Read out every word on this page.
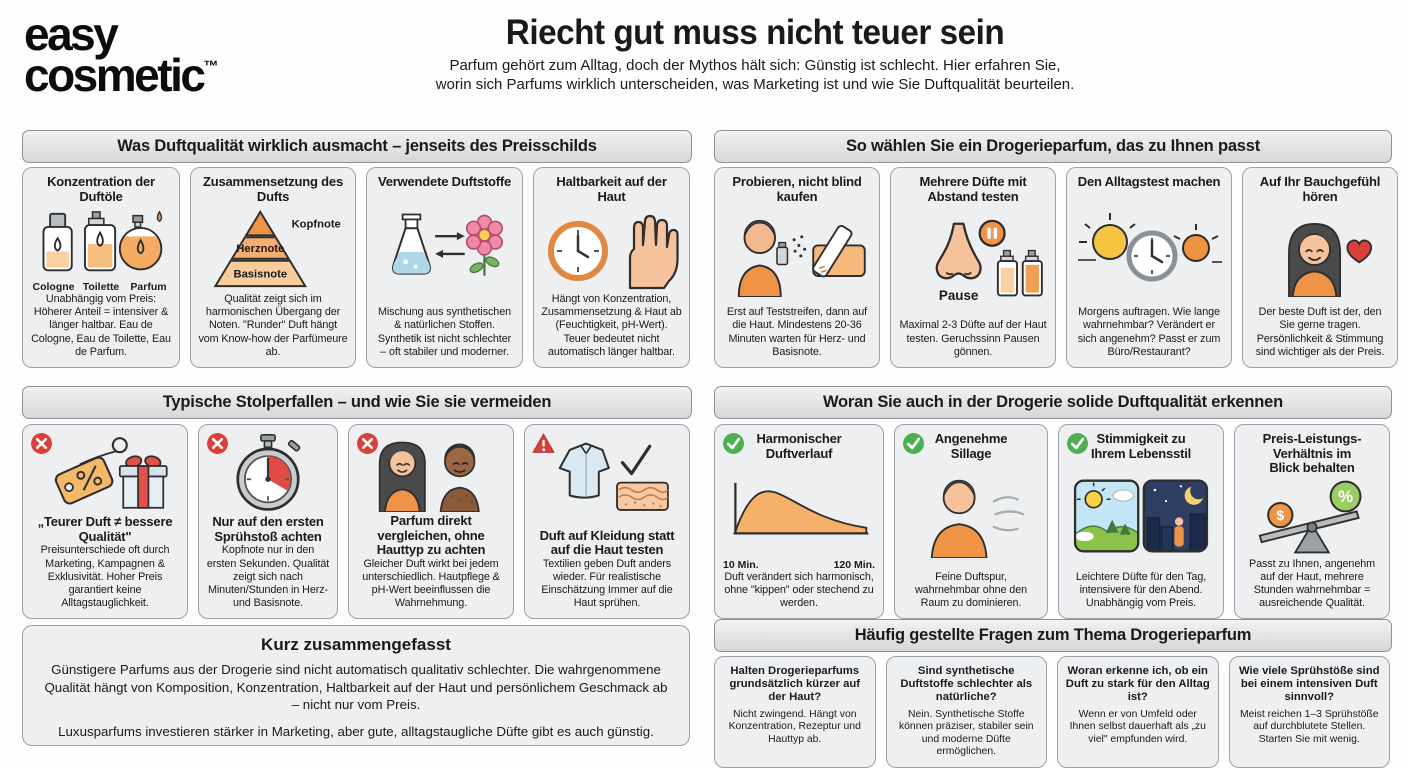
easy
cosmetic™
Riecht gut muss nicht teuer sein
Parfum gehört zum Alltag, doch der Mythos hält sich: Günstig ist schlecht. Hier erfahren Sie,
worin sich Parfums wirklich unterscheiden, was Marketing ist und wie Sie Duftqualität beurteilen.
Was Duftqualität wirklich ausmacht – jenseits des Preisschilds	So wählen Sie ein Drogerieparfum, das zu Ihnen passt
Typische Stolperfallen – und wie Sie sie vermeiden	Woran Sie auch in der Drogerie solide Duftqualität erkennen
Häufig gestellte Fragen zum Thema Drogerieparfum
Konzentration der Duftöle
Cologne Toilette	Parfum
Unabhängig vom Preis: Höherer Anteil = intensiver & länger haltbar. Eau de Cologne, Eau de Toilette, Eau de Parfum.
Zusammensetzung des Dufts
Kopfnote
Herznote
Basisnote
Qualität zeigt sich im harmonischen Übergang der Noten. "Runder" Duft hängt vom Know-how der Parfümeure ab.
Verwendete Duftstoffe
Mischung aus synthetischen & natürlichen Stoffen. Synthetik ist nicht schlechter – oft stabiler und moderner.
Haltbarkeit auf der Haut
Hängt von Konzentration, Zusammensetzung & Haut ab (Feuchtigkeit, pH-Wert). Teuer bedeutet nicht automatisch länger haltbar.
Probieren, nicht blind kaufen
Erst auf Teststreifen, dann auf die Haut. Mindestens 20-36 Minuten warten für Herz- und Basisnote.
Mehrere Düfte mit Abstand testen
Pause
Maximal 2-3 Düfte auf der Haut testen. Geruchssinn Pausen gönnen.
Den Alltagstest machen
Morgens auftragen. Wie lange wahrnehmbar? Verändert er sich angenehm? Passt er zum Büro/Restaurant?
Auf Ihr Bauchgefühl hören
Der beste Duft ist der, den Sie gerne tragen. Persönlichkeit & Stimmung sind wichtiger als der Preis.
„Teurer Duft ≠ bessere Qualität"
Preisunterschiede oft durch Marketing, Kampagnen & Exklusivität. Hoher Preis garantiert keine Alltagstauglichkeit.
Nur auf den ersten Sprühstoß achten
Kopfnote nur in den ersten Sekunden. Qualität zeigt sich nach Minuten/Stunden in Herz- und Basisnote.
Parfum direkt vergleichen, ohne Hauttyp zu achten
Gleicher Duft wirkt bei jedem unterschiedlich. Hautpflege & pH-Wert beeinflussen die Wahrnehmung.
Duft auf Kleidung statt auf die Haut testen
Textilien geben Duft anders wieder. Für realistische Einschätzung Immer auf die Haut sprühen.
Harmonischer Duftverlauf
10 Min.	120 Min.
Duft verändert sich harmonisch, ohne "kippen" oder stechend zu werden.
Angenehme Sillage
Feine Duftspur, wahrnehmbar ohne den Raum zu dominieren.
Stimmigkeit zu Ihrem Lebensstil
Leichtere Düfte für den Tag, intensivere für den Abend. Unabhängig vom Preis.
Preis-Leistungs-Verhältnis im Blick behalten
%
$
Passt zu Ihnen, angenehm auf der Haut, mehrere Stunden wahrnehmbar = ausreichende Qualität.
Kurz zusammengefasst

Günstigere Parfums aus der Drogerie sind nicht automatisch qualitativ schlechter. Die wahrgenommene Qualität hängt von Komposition, Konzentration, Haltbarkeit auf der Haut und persönlichem Geschmack ab – nicht nur vom Preis.

Luxusparfums investieren stärker in Marketing, aber gute, alltagstaugliche Düfte gibt es auch günstig.

Halten Drogerieparfums grundsätzlich kürzer auf der Haut?
Nicht zwingend. Hängt von Konzentration, Rezeptur und Hauttyp ab.
Sind synthetische Duftstoffe schlechter als natürliche?
Nein. Synthetische Stoffe können präziser, stabiler sein und moderne Düfte ermöglichen.
Woran erkenne ich, ob ein Duft zu stark für den Alltag ist?
Wenn er von Umfeld oder Ihnen selbst dauerhaft als „zu viel" empfunden wird.
Wie viele Sprühstöße sind bei einem intensiven Duft sinnvoll?
Meist reichen 1–3 Sprühstöße auf durchblutete Stellen. Starten Sie mit wenig.
